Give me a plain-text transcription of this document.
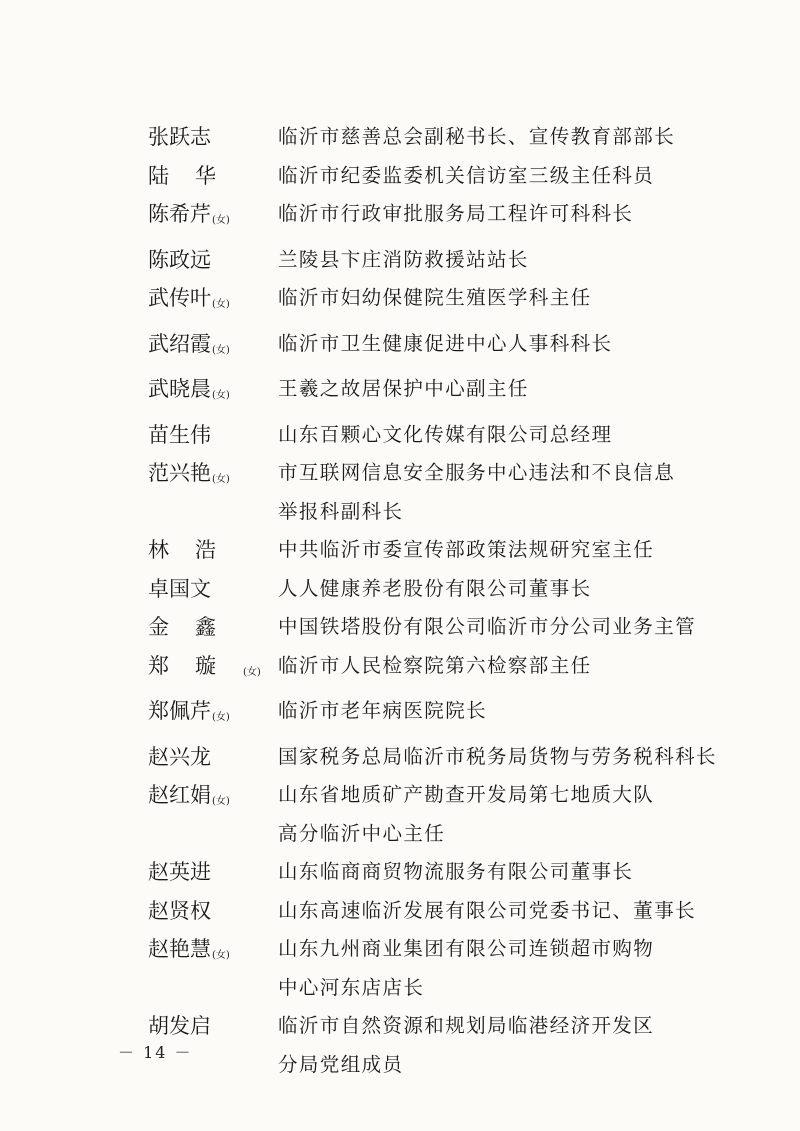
张跃志	临沂市慈善总会副秘书长、宣传教育部部长
陆华	临沂市纪委监委机关信访室三级主任科员
陈希芹(女)	临沂市行政审批服务局工程许可科科长
陈政远	兰陵县卞庄消防救援站站长
武传叶(女)	临沂市妇幼保健院生殖医学科主任
武绍霞(女)	临沂市卫生健康促进中心人事科科长
武晓晨(女)	王羲之故居保护中心副主任
苗生伟	山东百颗心文化传媒有限公司总经理
范兴艳(女)	市互联网信息安全服务中心违法和不良信息
举报科副科长
林浩	中共临沂市委宣传部政策法规研究室主任
卓国文	人人健康养老股份有限公司董事长
金鑫	中国铁塔股份有限公司临沂市分公司业务主管
郑璇(女) 临沂市人民检察院第六检察部主任
郑佩芹(女)	临沂市老年病医院院长
赵兴龙	国家税务总局临沂市税务局货物与劳务税科科长
赵红娟(女)	山东省地质矿产勘查开发局第七地质大队
高分临沂中心主任
赵英进	山东临商商贸物流服务有限公司董事长
赵贤权	山东高速临沂发展有限公司党委书记、董事长
赵艳慧(女)	山东九州商业集团有限公司连锁超市购物
中心河东店店长
胡发启	临沂市自然资源和规划局临港经济开发区
分局党组成员
－ 14 －
